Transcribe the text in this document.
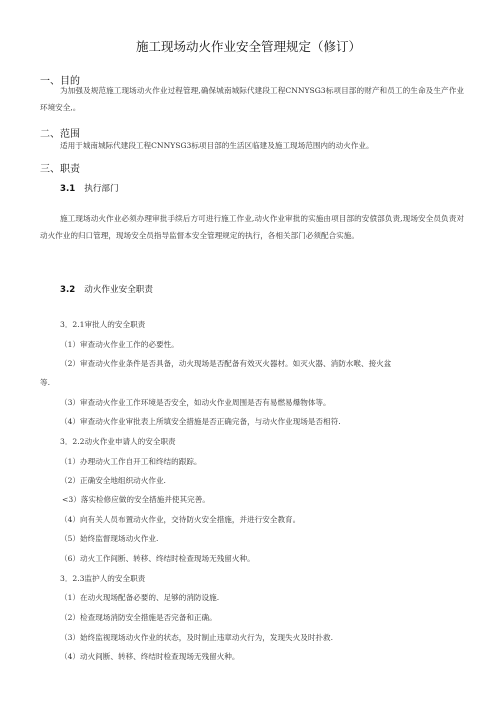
施工现场动火作业安全管理规定（修订）
一、目的
为加强及规范施工现场动火作业过程管理,确保城南城际代建段工程CNNYSG3标项目部的财产和员工的生命及生产作业环境安全,。
二、范围
适用于城南城际代建段工程CNNYSG3标项目部的生活区临建及施工现场范围内的动火作业。
三、职责
3.1 执行部门
施工现场动火作业必须办理审批手续后方可进行施工作业,动火作业审批的实施由项目部的安偾部负责,现场安全员负责对动火作业的归口管理，现场安全员指导监督本安全管理规定的执行，各相关部门必须配合实施。
3.2 动火作业安全职责
3．2.1审批人的安全职责
（1）审查动火作业工作的必要性。
（2）审查动火作业条件是否具备，动火现场是否配备有效灭火器材。如灭火器、消防水喉、接火盆
等.
（3）审查动火作业工作环境是否安全，如动火作业周围是否有易燃易爆物体等。
（4）审查动火作业审批表上所填安全措施是否正确完备，与动火作业现场是否相符.
3．2.2动火作业申请人的安全职责
（1）办理动火工作自开工和终结的跟踪。
（2）正确安全地组织动火作业.
<3）落实检修应做的安全措施并使其完善。
（4）向有关人员布置动火作业，交待防火安全措施，并进行安全教育。
（5）始终监督现场动火作业.
（6）动火工作间断、转移、终结时检查现场无残留火种。
3．2.3监护人的安全职责
（1）在动火现场配备必要的、足够的消防设施.
（2）检查现场消防安全措施是否完备和正确。
（3）始终监视现场动火作业的状态，及时制止违章动火行为，发现失火及时扑救.
（4）动火间断、转移、终结时检查现场无残留火种。
